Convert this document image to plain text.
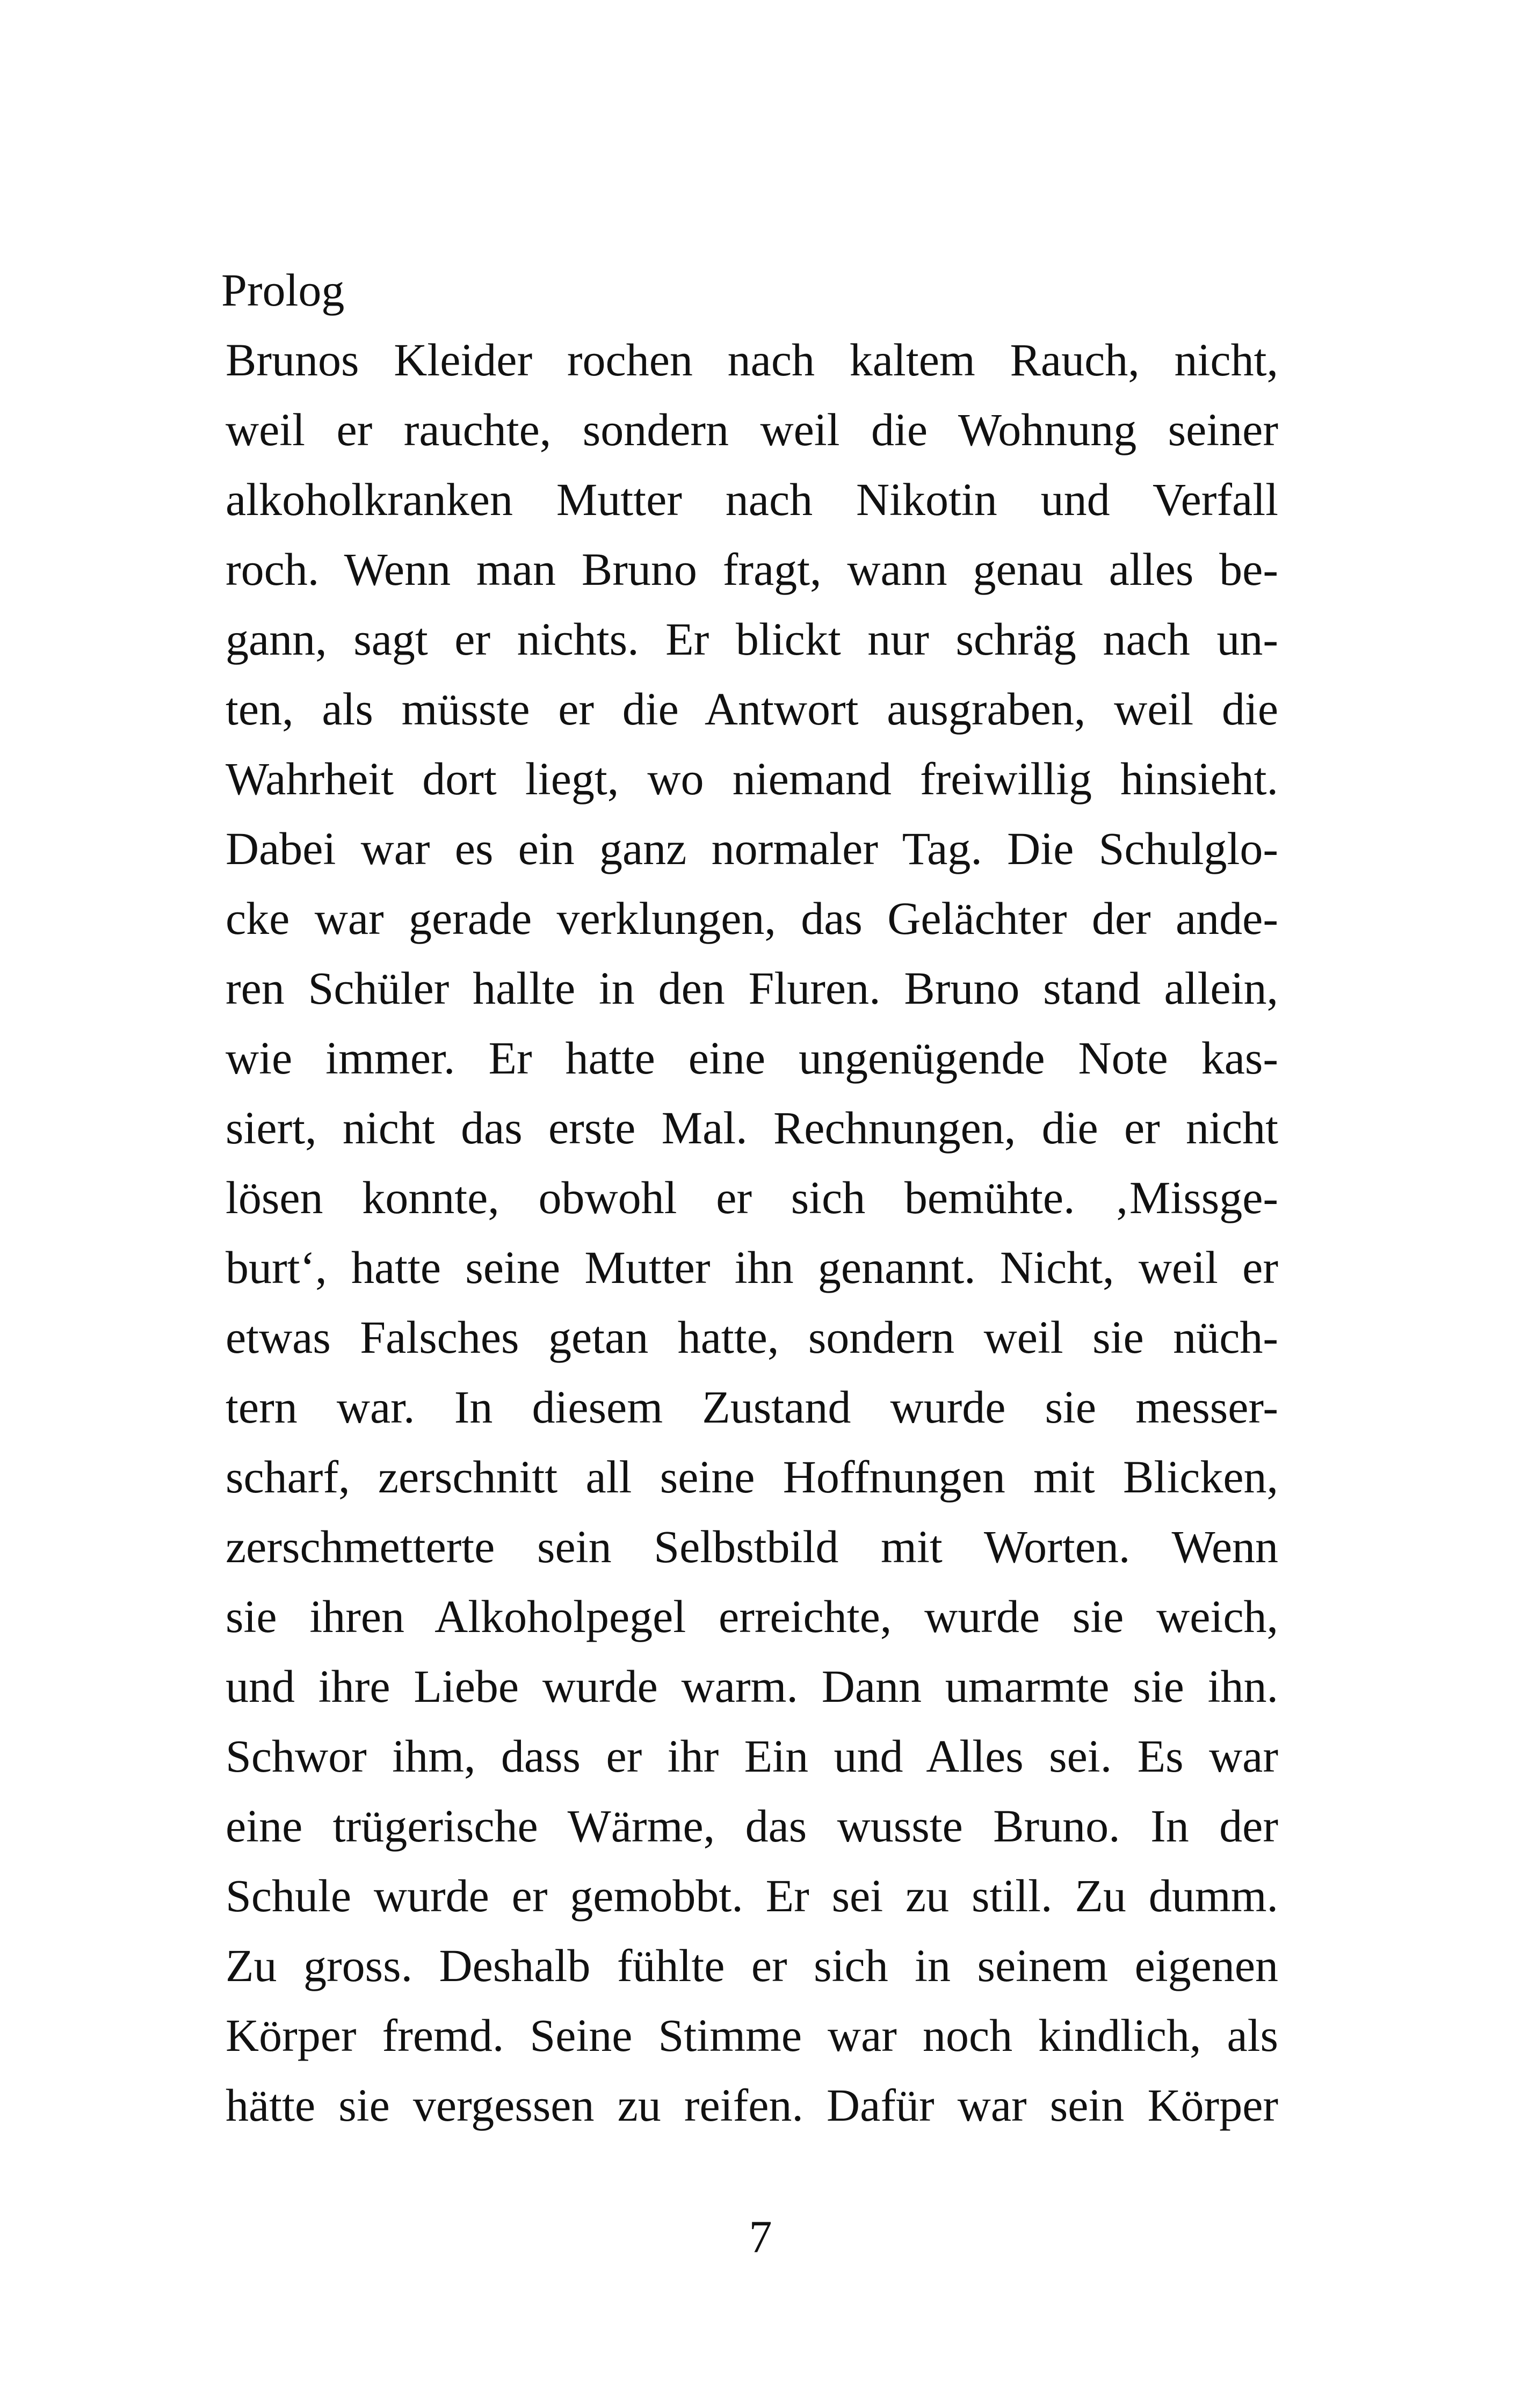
Prolog
Brunos Kleider rochen nach kaltem Rauch, nicht,
weil er rauchte, sondern weil die Wohnung seiner
alkoholkranken Mutter nach Nikotin und Verfall
roch. Wenn man Bruno fragt, wann genau alles be-
gann, sagt er nichts. Er blickt nur schräg nach un-
ten, als müsste er die Antwort ausgraben, weil die
Wahrheit dort liegt, wo niemand freiwillig hinsieht.
Dabei war es ein ganz normaler Tag. Die Schulglo-
cke war gerade verklungen, das Gelächter der ande-
ren Schüler hallte in den Fluren. Bruno stand allein,
wie immer. Er hatte eine ungenügende Note kas-
siert, nicht das erste Mal. Rechnungen, die er nicht
lösen konnte, obwohl er sich bemühte. ‚Missge-
burt‘, hatte seine Mutter ihn genannt. Nicht, weil er
etwas Falsches getan hatte, sondern weil sie nüch-
tern war. In diesem Zustand wurde sie messer-
scharf, zerschnitt all seine Hoffnungen mit Blicken,
zerschmetterte sein Selbstbild mit Worten. Wenn
sie ihren Alkoholpegel erreichte, wurde sie weich,
und ihre Liebe wurde warm. Dann umarmte sie ihn.
Schwor ihm, dass er ihr Ein und Alles sei. Es war
eine trügerische Wärme, das wusste Bruno. In der
Schule wurde er gemobbt. Er sei zu still. Zu dumm.
Zu gross. Deshalb fühlte er sich in seinem eigenen
Körper fremd. Seine Stimme war noch kindlich, als
hätte sie vergessen zu reifen. Dafür war sein Körper

7
